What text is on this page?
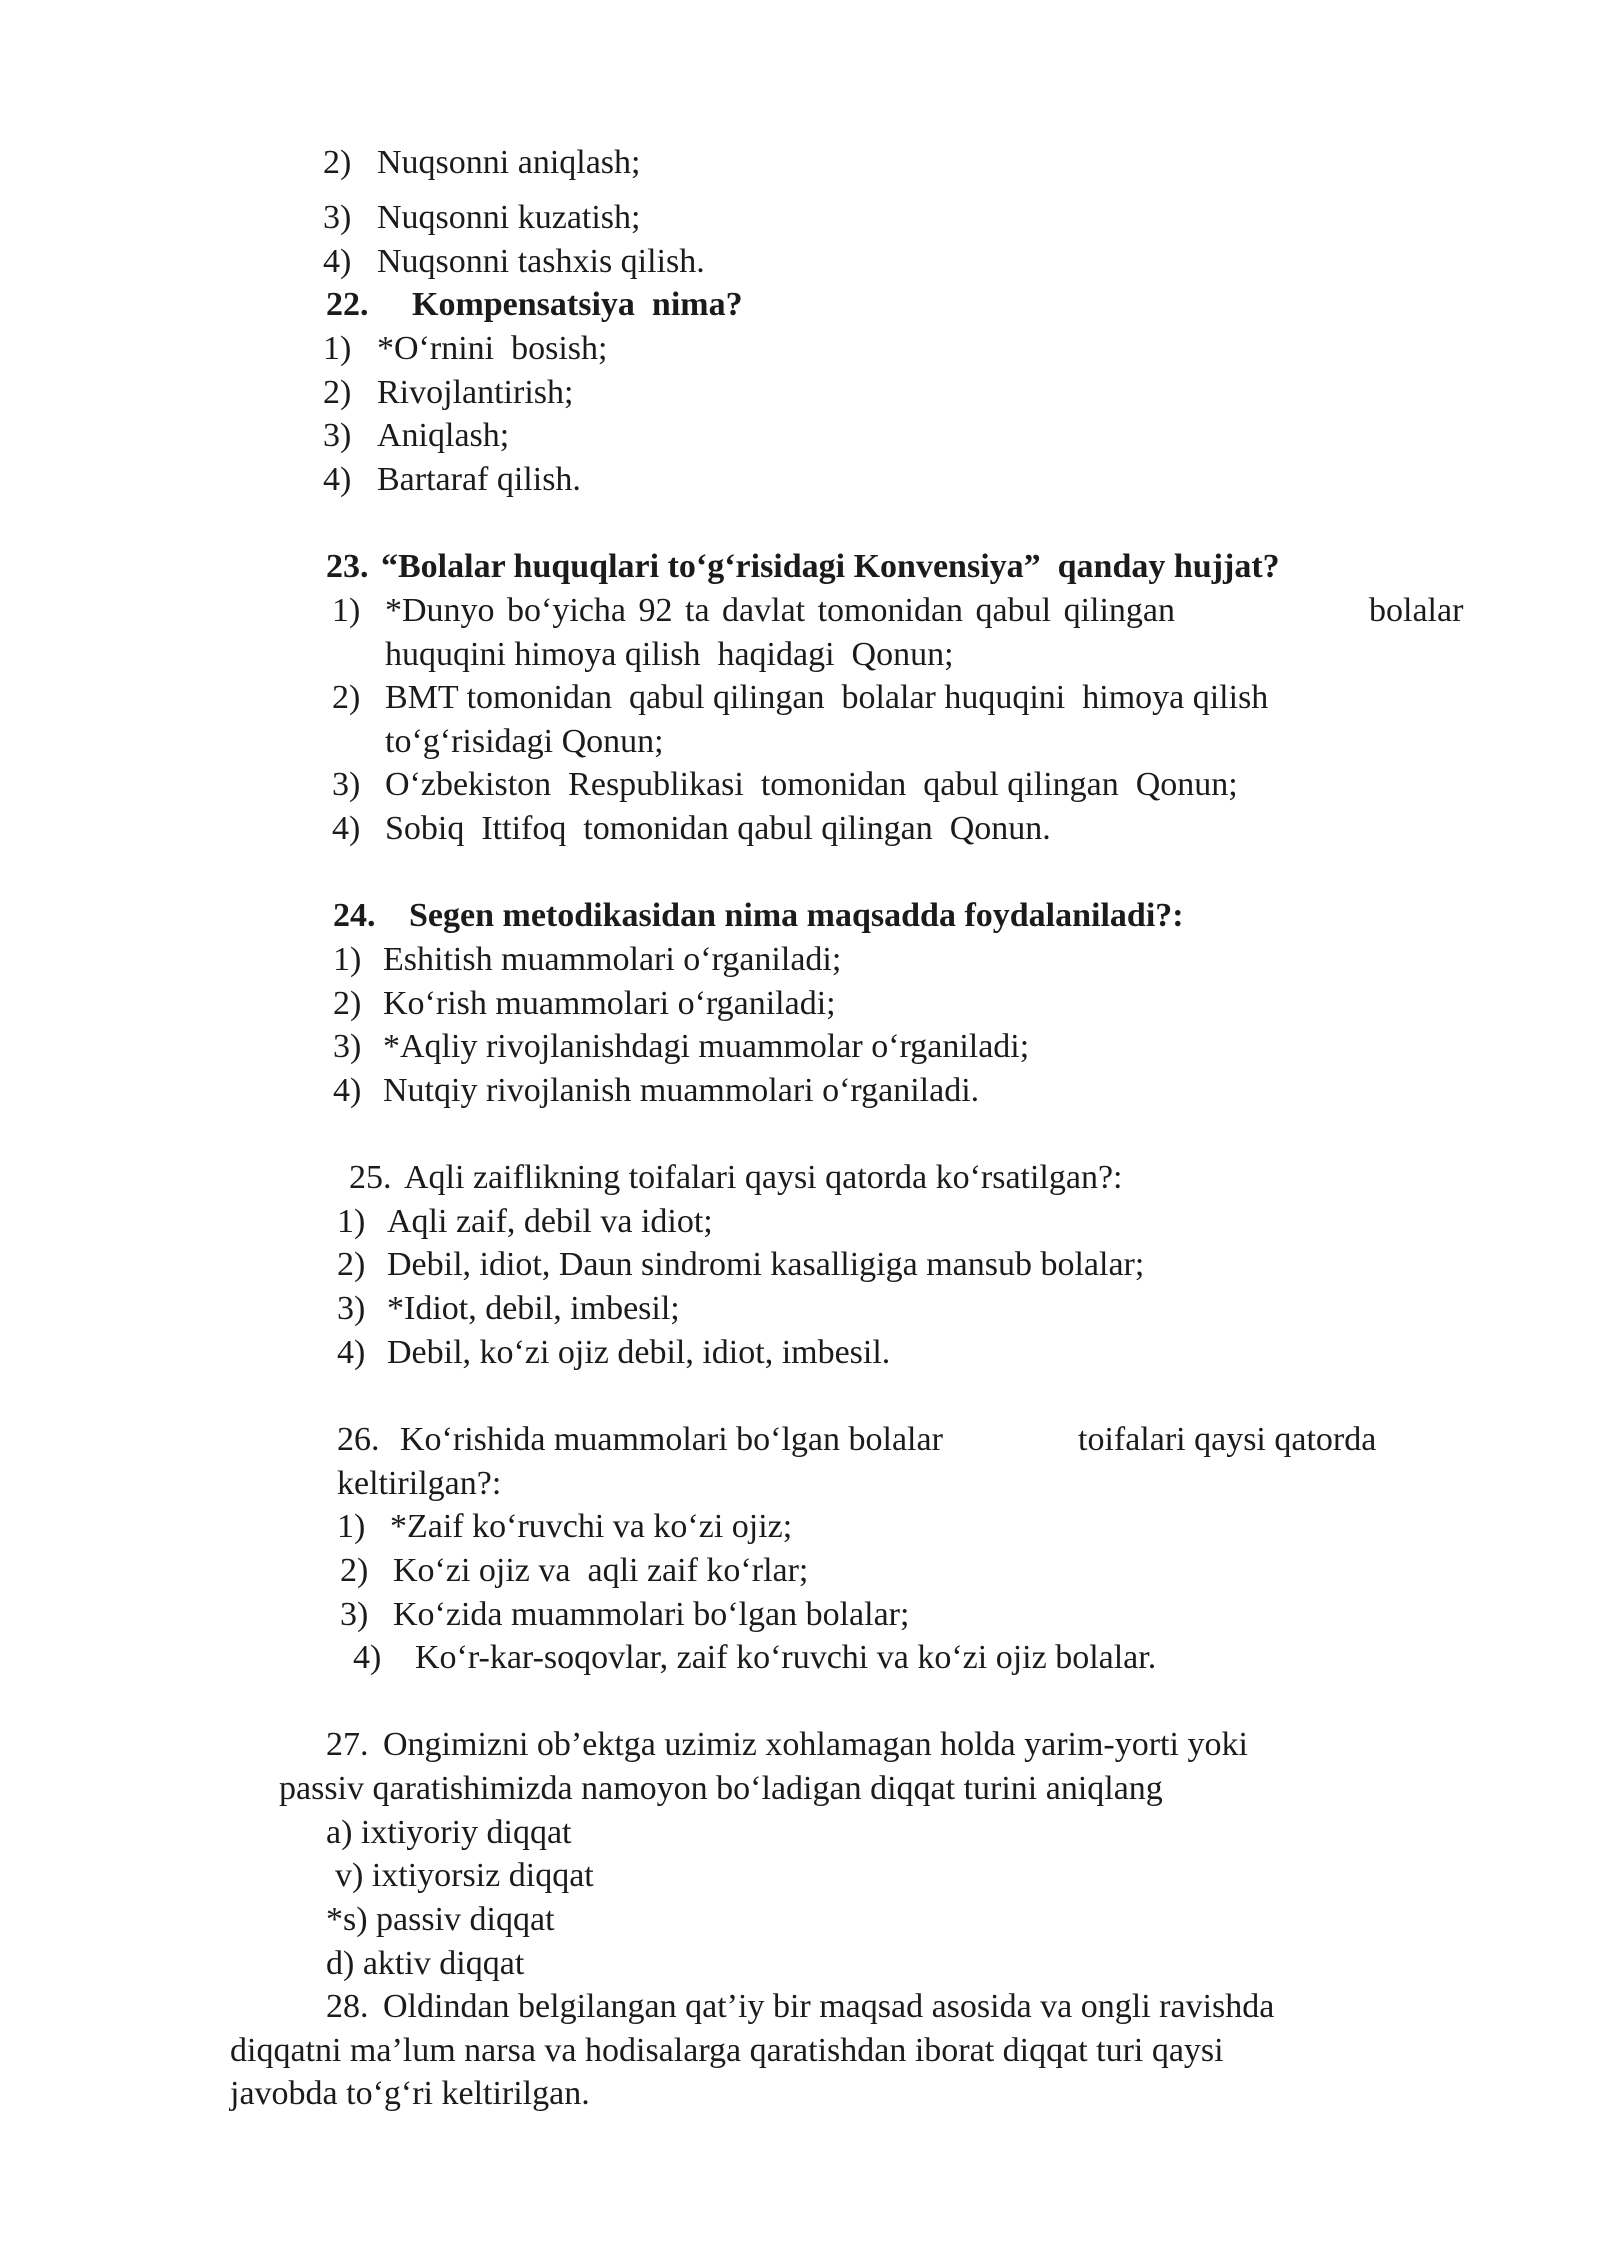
2) Nuqsonni aniqlash;
3) Nuqsonni kuzatish;
4) Nuqsonni tashxis qilish.
22. Kompensatsiya  nima?
1) *O‘rnini  bosish;
2) Rivojlantirish;
3) Aniqlash;
4) Bartaraf qilish.
23. “Bolalar huquqlari to‘g‘risidagi Konvensiya”  qanday hujjat?
1) *Dunyo bo‘yicha 92 ta davlat tomonidan qabul qilingan	bolalar
huquqini himoya qilish  haqidagi  Qonun;
2) BMT tomonidan  qabul qilingan  bolalar huquqini  himoya qilish
to‘g‘risidagi Qonun;
3) O‘zbekiston  Respublikasi  tomonidan  qabul qilingan  Qonun;
4) Sobiq  Ittifoq  tomonidan qabul qilingan  Qonun.
24. Segen metodikasidan nima maqsadda foydalaniladi?:
1) Eshitish muammolari o‘rganiladi;
2) Ko‘rish muammolari o‘rganiladi;
3) *Aqliy rivojlanishdagi muammolar o‘rganiladi;
4) Nutqiy rivojlanish muammolari o‘rganiladi.
25. Aqli zaiflikning toifalari qaysi qatorda ko‘rsatilgan?:
1) Aqli zaif, debil va idiot;
2) Debil, idiot, Daun sindromi kasalligiga mansub bolalar;
3) *Idiot, debil, imbesil;
4) Debil, ko‘zi ojiz debil, idiot, imbesil.
26. Ko‘rishida muammolari bo‘lgan bolalar	toifalari qaysi qatorda
keltirilgan?:
1) *Zaif ko‘ruvchi va ko‘zi ojiz;
2) Ko‘zi ojiz va  aqli zaif ko‘rlar;
3) Ko‘zida muammolari bo‘lgan bolalar;
4) Ko‘r-kar-soqovlar, zaif ko‘ruvchi va ko‘zi ojiz bolalar.
27. Ongimizni ob’ektga uzimiz xohlamagan holda yarim-yorti yoki
passiv qaratishimizda namoyon bo‘ladigan diqqat turini aniqlang
a) ixtiyoriy diqqat
v) ixtiyorsiz diqqat
*s) passiv diqqat
d) aktiv diqqat
28. Oldindan belgilangan qat’iy bir maqsad asosida va ongli ravishda
diqqatni ma’lum narsa va hodisalarga qaratishdan iborat diqqat turi qaysi
javobda to‘g‘ri keltirilgan.
